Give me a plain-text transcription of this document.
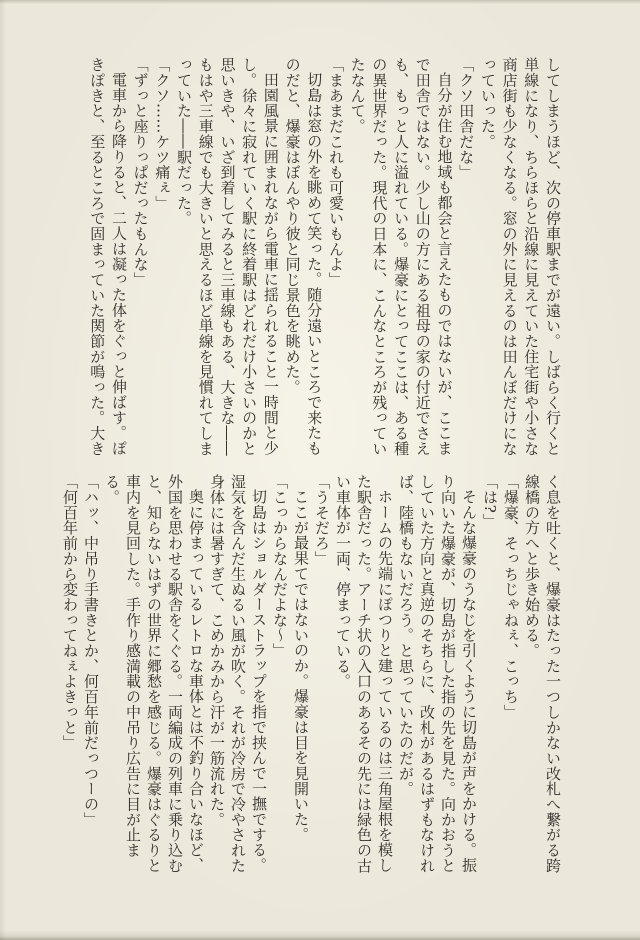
してしまうほど、次の停車駅までが遠い。しばらく行くと

単線になり、ちらほらと沿線に見えていた住宅街や小さな

商店街も少なくなる。窓の外に見えるのは田んぼだけにな

っていった。

「クソ田舎だな」

自分が住む地域も都会と言えたものではないが、ここま

で田舎ではない。少し山の方にある祖母の家の付近でさえ

も、もっと人に溢れている。爆豪にとってここは、ある種

の異世界だった。現代の日本に、こんなところが残ってい

たなんて。

「まあまだこれも可愛いもんよ」

切島は窓の外を眺めて笑った。随分遠いところで来たも

のだと、爆豪はぼんやり彼と同じ景色を眺めた。

田園風景に囲まれながら電車に揺られること一時間と少

し。徐々に寂れていく駅に終着駅はどれだけ小さいのかと

思いきや、いざ到着してみると三車線もある、大きな――

もはや三車線でも大きいと思えるほど単線を見慣れてしま

っていた――駅だった。

「クソ……ケツ痛ぇ」

「ずっと座りっぱだったもんな」

電車から降りると、二人は凝った体をぐっと伸ばす。ぽ

きぽきと、至るところで固まっていた関節が鳴った。大き

く息を吐くと、爆豪はたった一つしかない改札へ繋がる跨

線橋の方へと歩き始める。

「爆豪、そっちじゃねぇ、こっち」

「は?」

そんな爆豪のうなじを引くように切島が声をかける。振

り向いた爆豪が、切島が指した指の先を見た。向かおうと

していた方向と真逆のそちらに、改札があるはずもなけれ

ば、陸橋もないだろう。と思っていたのだが。

ホームの先端にぽつりと建っているのは三角屋根を模し

た駅舎だった。アーチ状の入口のあるその先には緑色の古

い車体が一両、停まっている。

「うそだろ」

ここが最果てではないのか。爆豪は目を見開いた。

「こっからなんだよな〜」

切島はショルダーストラップを指で挟んで一撫でする。

湿気を含んだ生ぬるい風が吹く。それが冷房で冷やされた

身体には暑すぎて、こめかみから汗が一筋流れた。

奥に停まっているレトロな車体とは不釣り合いなほど、

外国を思わせる駅舎をくぐる。一両編成の列車に乗り込む

と、知らないはずの世界に郷愁を感じる。爆豪はぐるりと

車内を見回した。手作り感満載の中吊り広告に目が止まる。

「ハッ、中吊り手書きとか、何百年前だっつーの」

「何百年前から変わってねぇよきっと」
